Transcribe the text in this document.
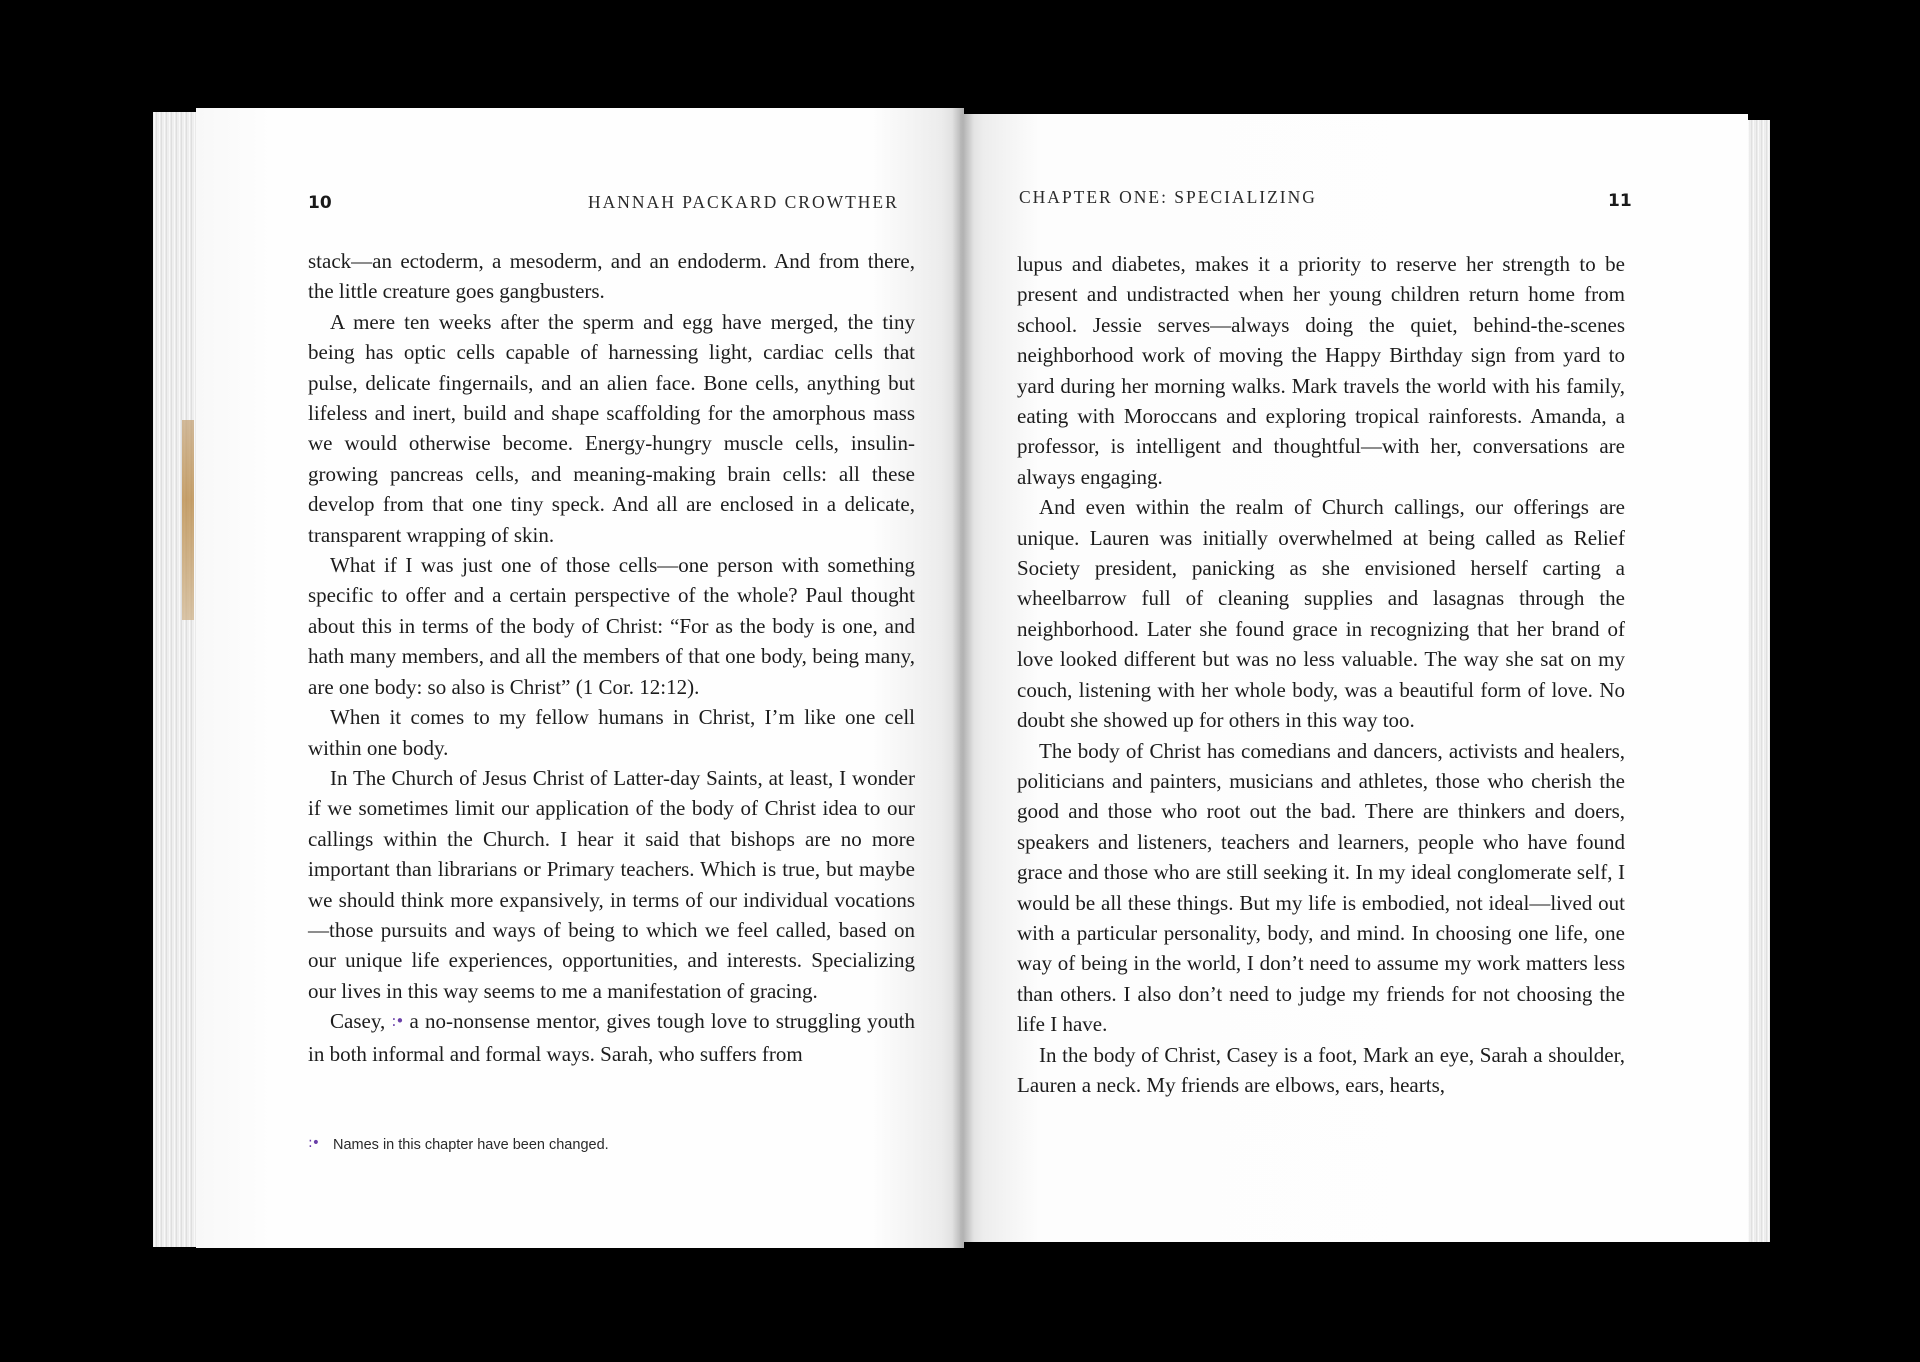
10	HANNAH PACKARD CROWTHER

stack—an ectoderm, a mesoderm, and an endoderm. And from there, the little creature goes gangbusters.

A mere ten weeks after the sperm and egg have merged, the tiny being has optic cells capable of harnessing light, cardiac cells that pulse, delicate fingernails, and an alien face. Bone cells, anything but lifeless and inert, build and shape scaffolding for the amorphous mass we would otherwise become. Energy-hungry muscle cells, insulin-growing pancreas cells, and meaning-making brain cells: all these develop from that one tiny speck. And all are enclosed in a delicate, transparent wrapping of skin.

What if I was just one of those cells—one person with something specific to offer and a certain perspective of the whole? Paul thought about this in terms of the body of Christ: “For as the body is one, and hath many members, and all the members of that one body, being many, are one body: so also is Christ” (1 Cor. 12:12).

When it comes to my fellow humans in Christ, I’m like one cell within one body.

In The Church of Jesus Christ of Latter-day Saints, at least, I wonder if we sometimes limit our application of the body of Christ idea to our callings within the Church. I hear it said that bishops are no more important than librarians or Primary teachers. Which is true, but maybe we should think more expansively, in terms of our individual vocations—those pursuits and ways of being to which we feel called, based on our unique life experiences, opportunities, and interests. Specializing our lives in this way seems to me a manifestation of gracing.

Casey, :• a no-nonsense mentor, gives tough love to struggling youth in both informal and formal ways. Sarah, who suffers from

:• Names in this chapter have been changed.
CHAPTER ONE: SPECIALIZING	11

lupus and diabetes, makes it a priority to reserve her strength to be present and undistracted when her young children return home from school. Jessie serves—always doing the quiet, behind-the-scenes neighborhood work of moving the Happy Birthday sign from yard to yard during her morning walks. Mark travels the world with his family, eating with Moroccans and exploring tropical rainforests. Amanda, a professor, is intelligent and thoughtful—with her, conversations are always engaging.

And even within the realm of Church callings, our offerings are unique. Lauren was initially overwhelmed at being called as Relief Society president, panicking as she envisioned herself carting a wheelbarrow full of cleaning supplies and lasagnas through the neighborhood. Later she found grace in recognizing that her brand of love looked different but was no less valuable. The way she sat on my couch, listening with her whole body, was a beautiful form of love. No doubt she showed up for others in this way too.

The body of Christ has comedians and dancers, activists and healers, politicians and painters, musicians and athletes, those who cherish the good and those who root out the bad. There are thinkers and doers, speakers and listeners, teachers and learners, people who have found grace and those who are still seeking it. In my ideal conglomerate self, I would be all these things. But my life is embodied, not ideal—lived out with a particular personality, body, and mind. In choosing one life, one way of being in the world, I don’t need to assume my work matters less than others. I also don’t need to judge my friends for not choosing the life I have.

In the body of Christ, Casey is a foot, Mark an eye, Sarah a shoulder, Lauren a neck. My friends are elbows, ears, hearts,
